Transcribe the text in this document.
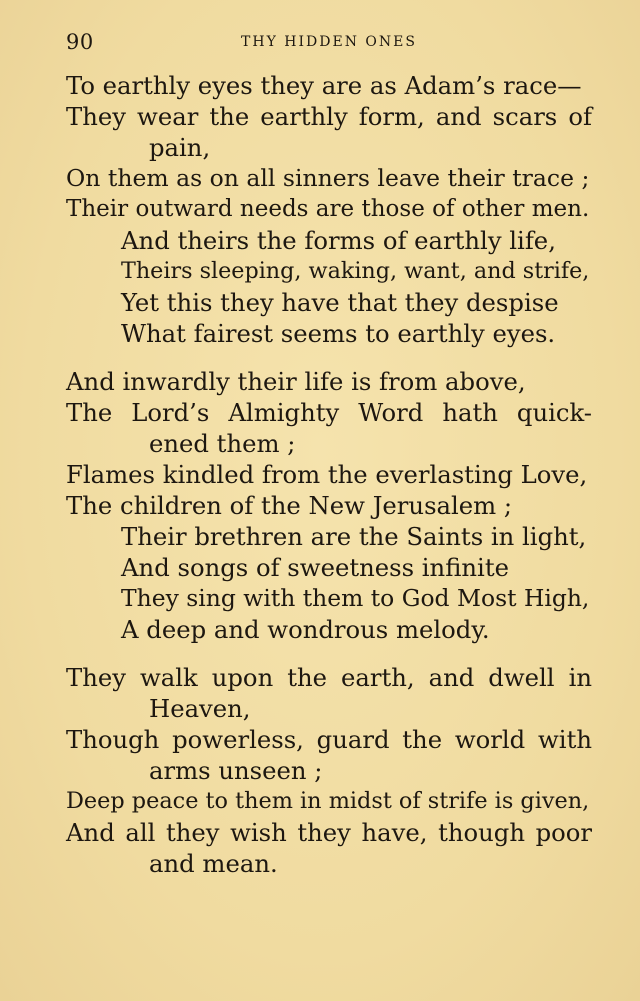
90	THY HIDDEN ONES
To earthly eyes they are as Adam’s race—
They wear the earthly form, and scars of
pain,
On them as on all sinners leave their trace ;
Their outward needs are those of other men.
And theirs the forms of earthly life,
Theirs sleeping, waking, want, and strife,
Yet this they have that they despise
What fairest seems to earthly eyes.
And inwardly their life is from above,
The Lord’s Almighty Word hath quick-
ened them ;
Flames kindled from the everlasting Love,
The children of the New Jerusalem ;
Their brethren are the Saints in light,
And songs of sweetness infinite
They sing with them to God Most High,
A deep and wondrous melody.
They walk upon the earth, and dwell in
Heaven,
Though powerless, guard the world with
arms unseen ;
Deep peace to them in midst of strife is given,
And all they wish they have, though poor
and mean.
